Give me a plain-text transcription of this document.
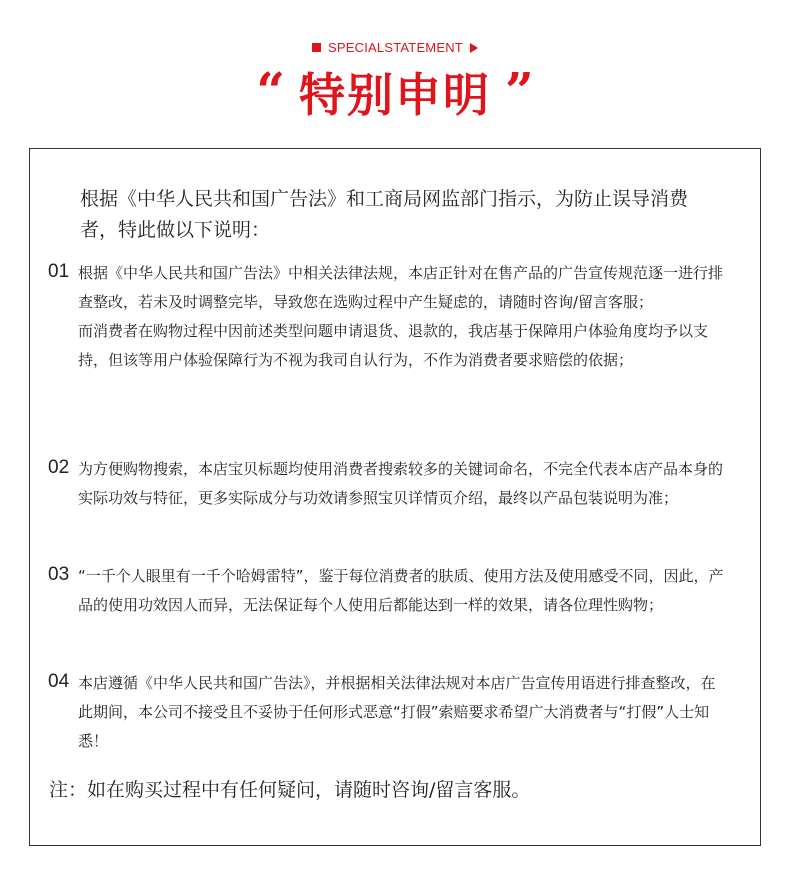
SPECIALSTATEMENT
“ 特别申明 ”
根据《中华人民共和国广告法》和工商局网监部门指示，为防止误导消费者，特此做以下说明：
01 根据《中华人民共和国广告法》中相关法律法规，本店正针对在售产品的广告宣传规范逐一进行排查整改，若未及时调整完毕，导致您在选购过程中产生疑虑的，请随时咨询/留言客服；

而消费者在购物过程中因前述类型问题申请退货、退款的，我店基于保障用户体验角度均予以支持，但该等用户体验保障行为不视为我司自认行为，不作为消费者要求赔偿的依据；

02 为方便购物搜索，本店宝贝标题均使用消费者搜索较多的关键词命名，不完全代表本店产品本身的实际功效与特征，更多实际成分与功效请参照宝贝详情页介绍，最终以产品包装说明为准；

03 “一千个人眼里有一千个哈姆雷特”，鉴于每位消费者的肤质、使用方法及使用感受不同，因此，产品的使用功效因人而异，无法保证每个人使用后都能达到一样的效果，请各位理性购物；

04 本店遵循《中华人民共和国广告法》，并根据相关法律法规对本店广告宣传用语进行排查整改，在此期间，本公司不接受且不妥协于任何形式恶意“打假”索赔要求希望广大消费者与“打假”人士知悉！

注：如在购买过程中有任何疑问，请随时咨询/留言客服。
